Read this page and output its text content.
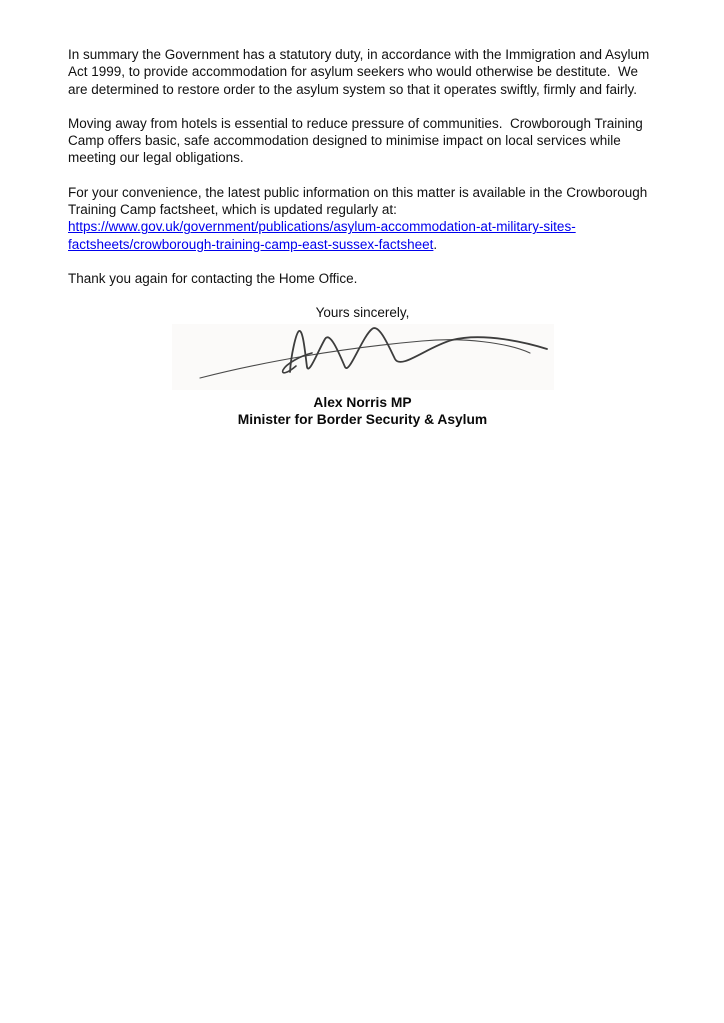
In summary the Government has a statutory duty, in accordance with the Immigration and Asylum Act 1999, to provide accommodation for asylum seekers who would otherwise be destitute.  We are determined to restore order to the asylum system so that it operates swiftly, firmly and fairly.

Moving away from hotels is essential to reduce pressure of communities.  Crowborough Training Camp offers basic, safe accommodation designed to minimise impact on local services while meeting our legal obligations.

For your convenience, the latest public information on this matter is available in the Crowborough Training Camp factsheet, which is updated regularly at: https://www.gov.uk/government/publications/asylum-accommodation-at-military-sites-factsheets/crowborough-training-camp-east-sussex-factsheet.

Thank you again for contacting the Home Office.

Yours sincerely,

Alex Norris MP

Minister for Border Security & Asylum
